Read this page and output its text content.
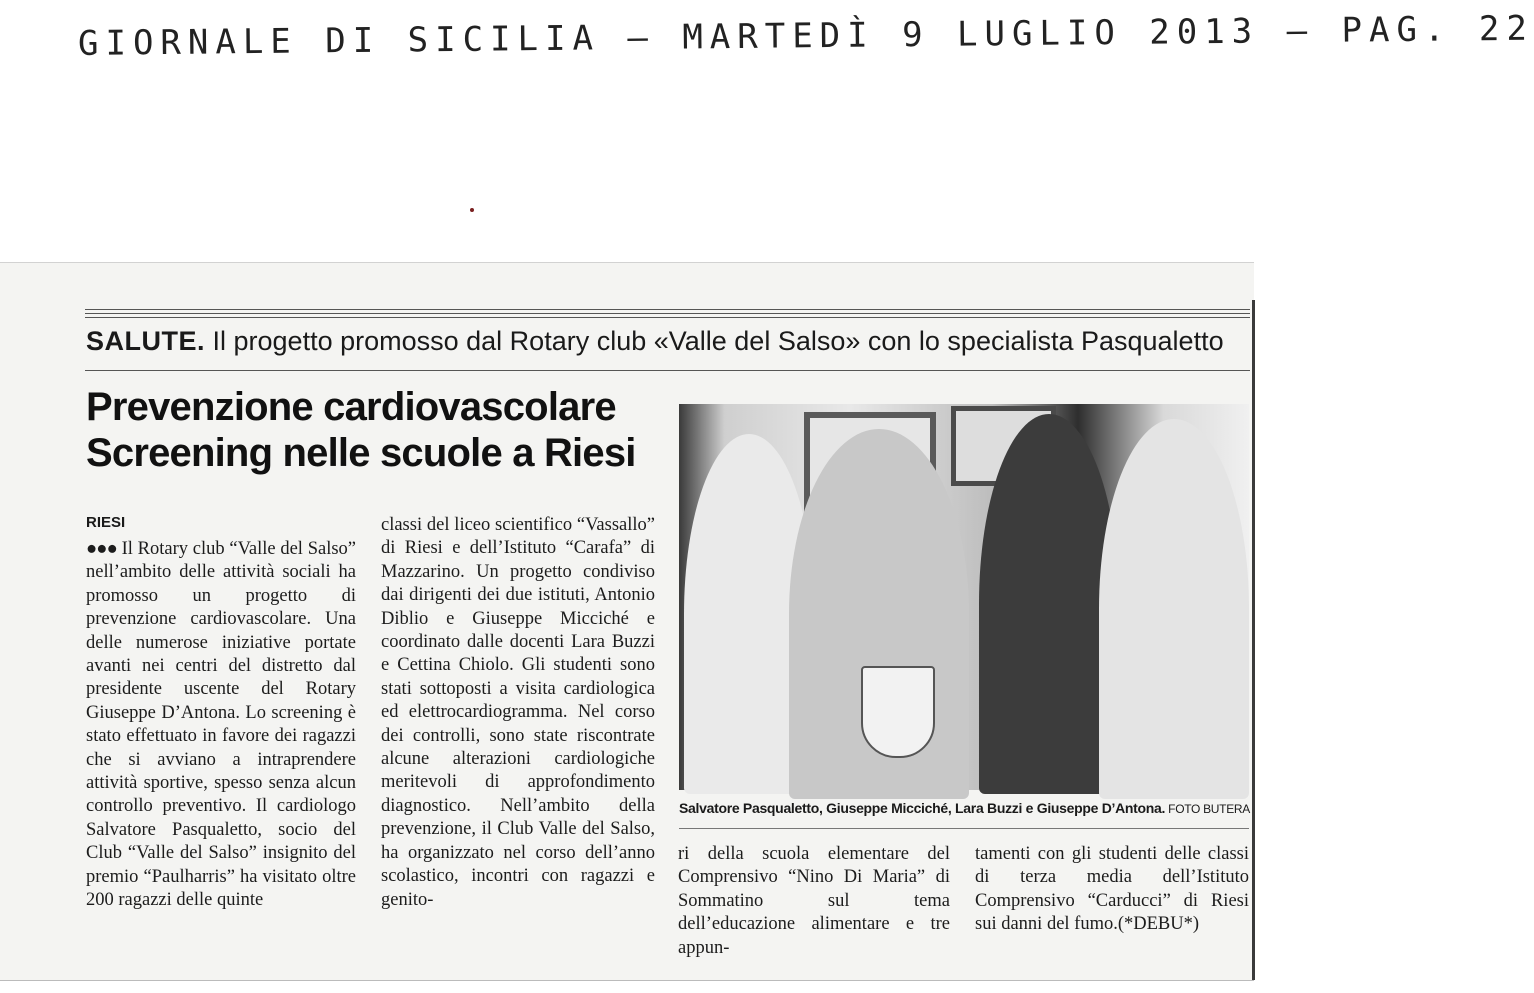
GIORNALE DI SICILIA – MARTEDÌ 9 LUGLIO 2013 – PAG. 22
SALUTE. Il progetto promosso dal Rotary club «Valle del Salso» con lo specialista Pasqualetto
Prevenzione cardiovascolare
Screening nelle scuole a Riesi
RIESI
●●● Il Rotary club “Valle del Salso” nell’ambito delle attività sociali ha promosso un progetto di prevenzione cardiovascolare. Una delle numerose iniziative portate avanti nei centri del distretto dal presidente uscente del Rotary Giuseppe D’Antona. Lo screening è stato effettuato in favore dei ragazzi che si avviano a intraprendere attività sportive, spesso senza alcun controllo preventivo. Il cardiologo Salvatore Pasqualetto, socio del Club “Valle del Salso” insignito del premio “Paulharris” ha visitato oltre 200 ragazzi delle quinte
classi del liceo scientifico “Vassallo” di Riesi e dell’Istituto “Carafa” di Mazzarino. Un progetto condiviso dai dirigenti dei due istituti, Antonio Diblio e Giuseppe Micciché e coordinato dalle docenti Lara Buzzi e Cettina Chiolo. Gli studenti sono stati sottoposti a visita cardiologica ed elettrocardiogramma. Nel corso dei controlli, sono state riscontrate alcune alterazioni cardiologiche meritevoli di approfondimento diagnostico. Nell’ambito della prevenzione, il Club Valle del Salso, ha organizzato nel corso dell’anno scolastico, incontri con ragazzi e genito-
Salvatore Pasqualetto, Giuseppe Micciché, Lara Buzzi e Giuseppe D’Antona. FOTO BUTERA
ri della scuola elementare del Comprensivo “Nino Di Maria” di Sommatino sul tema dell’educazione alimentare e tre appun-
tamenti con gli studenti delle classi di terza media dell’Istituto Comprensivo “Carducci” di Riesi sui danni del fumo.(*DEBU*)
